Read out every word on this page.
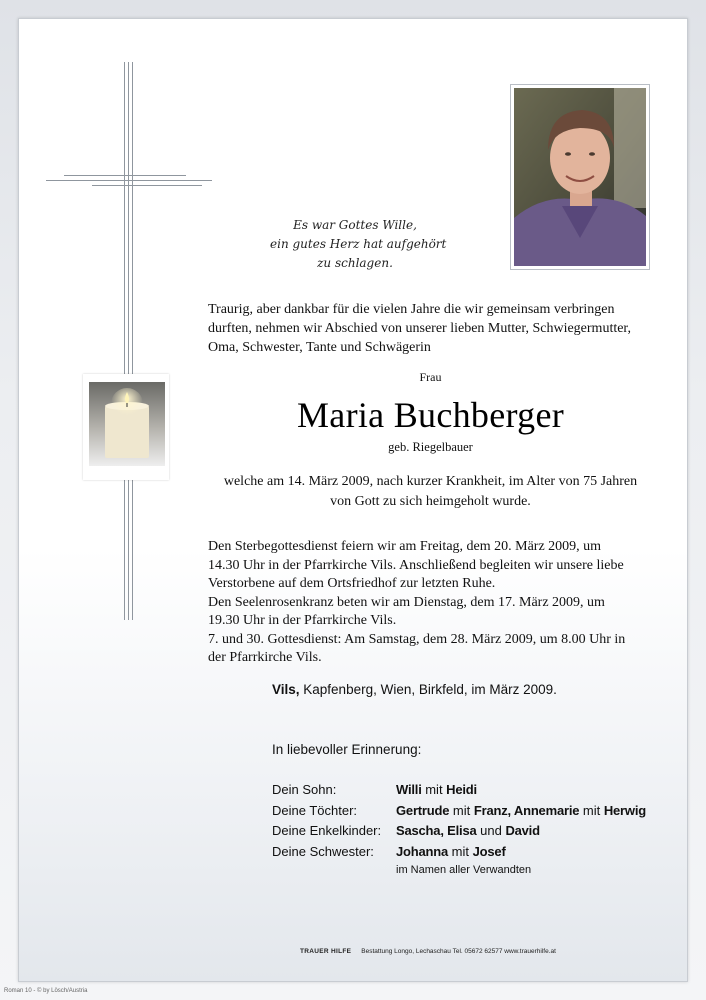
Es war Gottes Wille,
ein gutes Herz hat aufgehört
zu schlagen.
Traurig, aber dankbar für die vielen Jahre die wir gemeinsam verbringen
durften, nehmen wir Abschied von unserer lieben Mutter, Schwiegermutter,
Oma, Schwester, Tante und Schwägerin
Frau
Maria Buchberger
geb. Riegelbauer
welche am 14. März 2009, nach kurzer Krankheit, im Alter von 75 Jahren
von Gott zu sich heimgeholt wurde.
Den Sterbegottesdienst feiern wir am Freitag, dem 20. März 2009, um
14.30 Uhr in der Pfarrkirche Vils. Anschließend begleiten wir unsere liebe
Verstorbene auf dem Ortsfriedhof zur letzten Ruhe.
Den Seelenrosenkranz beten wir am Dienstag, dem 17. März 2009, um
19.30 Uhr in der Pfarrkirche Vils.
7. und 30. Gottesdienst: Am Samstag, dem 28. März 2009, um 8.00 Uhr in
der Pfarrkirche Vils.
Vils, Kapfenberg, Wien, Birkfeld, im März 2009.
In liebevoller Erinnerung:
Dein Sohn:	Willi mit Heidi
Deine Töchter:	Gertrude mit Franz, Annemarie mit Herwig
Deine Enkelkinder: Sascha, Elisa und David
Deine Schwester: Johanna mit Josef
im Namen aller Verwandten
TRAUER HILFE Bestattung Longo, Lechaschau Tel. 05672 62577 www.trauerhilfe.at
Roman 10 - © by Lösch/Austria
